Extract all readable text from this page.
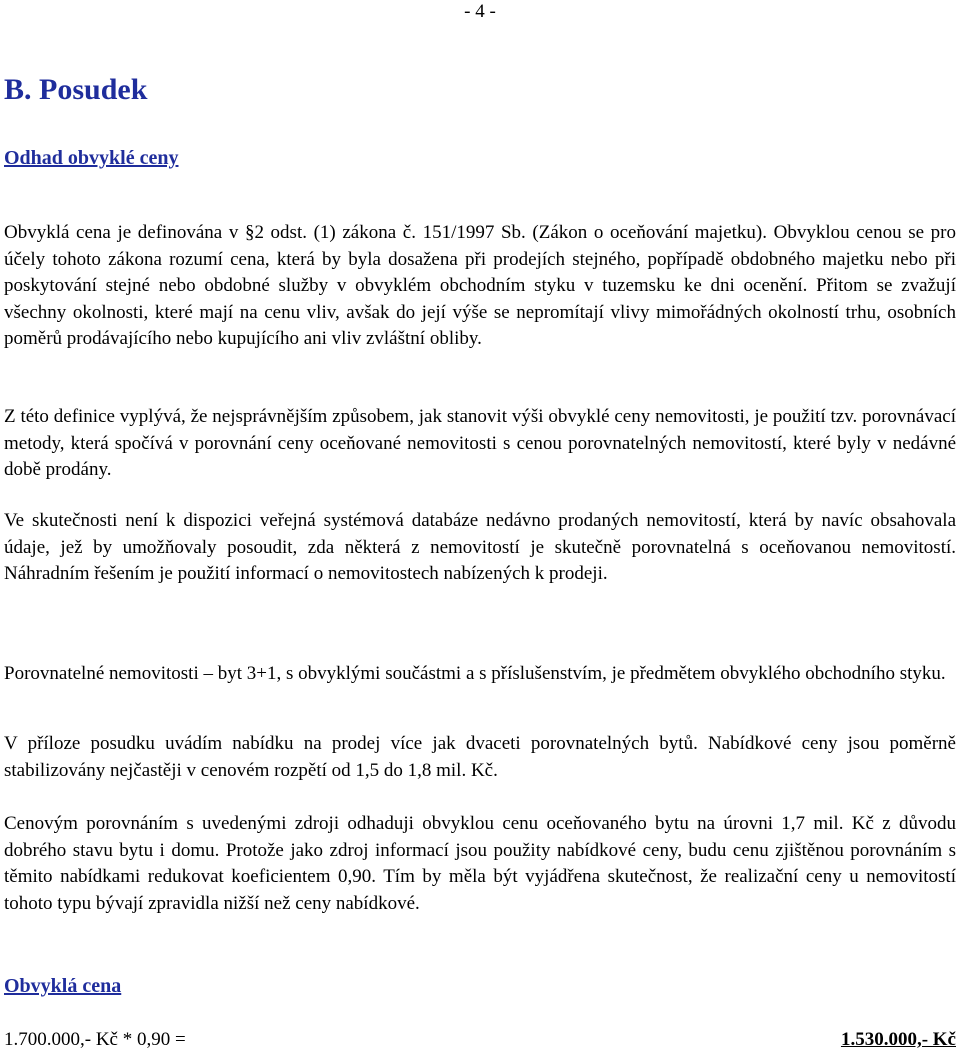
- 4 -
B. Posudek
Odhad obvyklé ceny

Obvyklá cena je definována v §2 odst. (1) zákona č. 151/1997 Sb. (Zákon o oceňování majetku). Obvyklou cenou se pro účely tohoto zákona rozumí cena, která by byla dosažena při prodejích stejného, popřípadě obdobného majetku nebo při poskytování stejné nebo obdobné služby v obvyklém obchodním styku v tuzemsku ke dni ocenění. Přitom se zvažují všechny okolnosti, které mají na cenu vliv, avšak do její výše se nepromítají vlivy mimořádných okolností trhu, osobních poměrů prodávajícího nebo kupujícího ani vliv zvláštní obliby.

Z této definice vyplývá, že nejsprávnějším způsobem, jak stanovit výši obvyklé ceny nemovitosti, je použití tzv. porovnávací metody, která spočívá v porovnání ceny oceňované nemovitosti s cenou porovnatelných nemovitostí, které byly v nedávné době prodány.

Ve skutečnosti není k dispozici veřejná systémová databáze nedávno prodaných nemovitostí, která by navíc obsahovala údaje, jež by umožňovaly posoudit, zda některá z nemovitostí je skutečně porovnatelná s oceňovanou nemovitostí. Náhradním řešením je použití informací o nemovitostech nabízených k prodeji.

Porovnatelné nemovitosti – byt 3+1, s obvyklými součástmi a s příslušenstvím, je předmětem obvyklého obchodního styku.

V příloze posudku uvádím nabídku na prodej více jak dvaceti porovnatelných bytů. Nabídkové ceny jsou poměrně stabilizovány nejčastěji v cenovém rozpětí od 1,5 do 1,8 mil. Kč.

Cenovým porovnáním s uvedenými zdroji odhaduji obvyklou cenu oceňovaného bytu na úrovni 1,7 mil. Kč z důvodu dobrého stavu bytu i domu. Protože jako zdroj informací jsou použity nabídkové ceny, budu cenu zjištěnou porovnáním s těmito nabídkami redukovat koeficientem 0,90. Tím by měla být vyjádřena skutečnost, že realizační ceny u nemovitostí tohoto typu bývají zpravidla nižší než ceny nabídkové.

Obvyklá cena
1.700.000,- Kč * 0,90 =	1.530.000,- Kč
